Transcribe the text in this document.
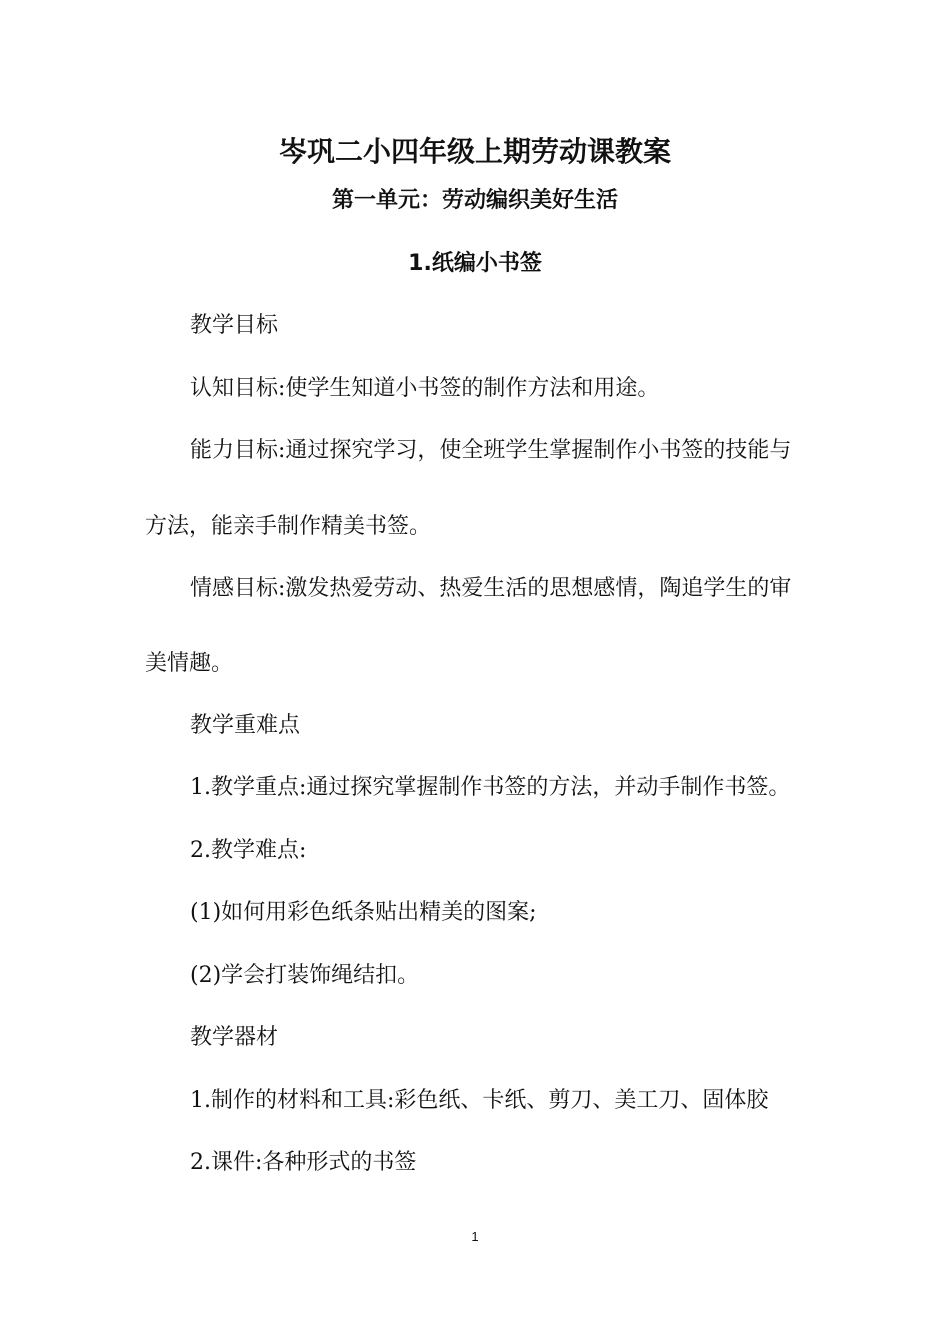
岑巩二小四年级上期劳动课教案
第一单元：劳动编织美好生活
1.纸编小书签
教学目标
认知目标:使学生知道小书签的制作方法和用途。
能力目标:通过探究学习，使全班学生掌握制作小书签的技能与
方法，能亲手制作精美书签。
情感目标:激发热爱劳动、热爱生活的思想感情，陶追学生的审
美情趣。
教学重难点
1.教学重点:通过探究掌握制作书签的方法，并动手制作书签。
2.教学难点:
(1)如何用彩色纸条贴出精美的图案;
(2)学会打装饰绳结扣。
教学器材
1.制作的材料和工具:彩色纸、卡纸、剪刀、美工刀、固体胶
2.课件:各种形式的书签
1
